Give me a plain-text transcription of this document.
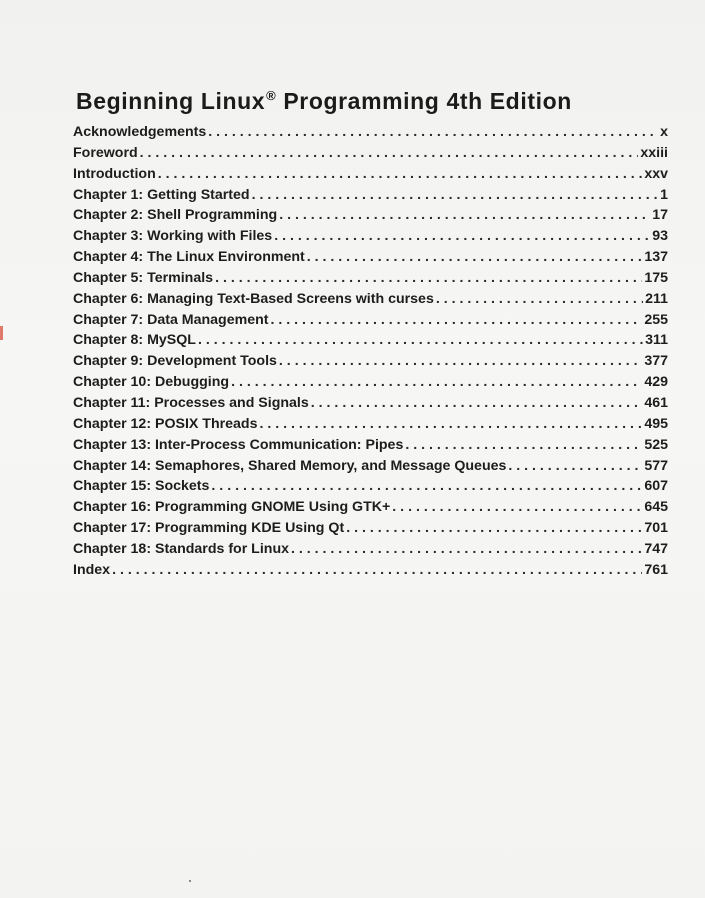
Beginning Linux® Programming 4th Edition
Acknowledgements . . .	x
Foreword . . .	xxiii
Introduction . . .	xxv
Chapter 1: Getting Started . . .	1
Chapter 2: Shell Programming . . .	17
Chapter 3: Working with Files . . .	93
Chapter 4: The Linux Environment . . .	137
Chapter 5: Terminals . . .	175
Chapter 6: Managing Text-Based Screens with curses . . .	211
Chapter 7: Data Management . . .	255
Chapter 8: MySQL . . .	311
Chapter 9: Development Tools . . .	377
Chapter 10: Debugging . . .	429
Chapter 11: Processes and Signals . . .	461
Chapter 12: POSIX Threads . . .	495
Chapter 13: Inter-Process Communication: Pipes . . .	525
Chapter 14: Semaphores, Shared Memory, and Message Queues . . .	577
Chapter 15: Sockets . . .	607
Chapter 16: Programming GNOME Using GTK+ . . .	645
Chapter 17: Programming KDE Using Qt . . .	701
Chapter 18: Standards for Linux . . .	747
Index . . .	761
